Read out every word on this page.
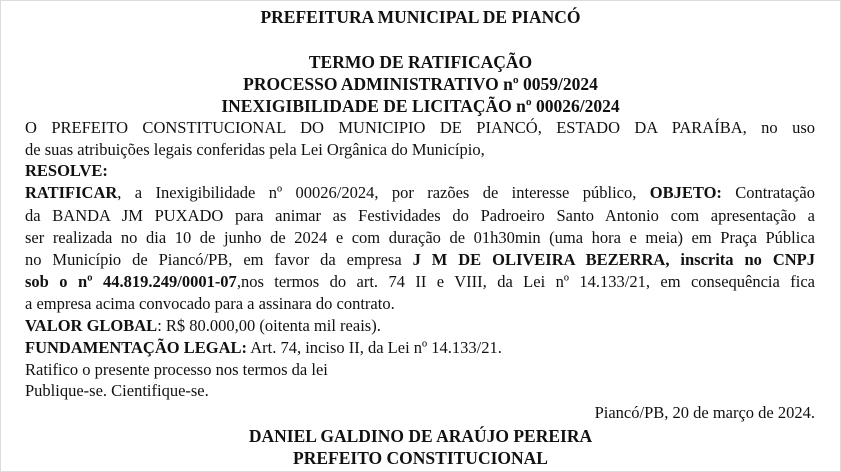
PREFEITURA MUNICIPAL DE PIANCÓ
TERMO DE RATIFICAÇÃO
PROCESSO ADMINISTRATIVO nº 0059/2024
INEXIGIBILIDADE DE LICITAÇÃO nº 00026/2024
O PREFEITO CONSTITUCIONAL DO MUNICIPIO DE PIANCÓ, ESTADO DA PARAÍBA, no uso
de suas atribuições legais conferidas pela Lei Orgânica do Município,
RESOLVE:
RATIFICAR, a Inexigibilidade nº 00026/2024, por razões de interesse público, OBJETO: Contratação
da BANDA JM PUXADO para animar as Festividades do Padroeiro Santo Antonio com apresentação a
ser realizada no dia 10 de junho de 2024 e com duração de 01h30min (uma hora e meia) em Praça Pública
no Município de Piancó/PB, em favor da empresa J M DE OLIVEIRA BEZERRA, inscrita no CNPJ
sob o nº 44.819.249/0001-07,nos termos do art. 74 II e VIII, da Lei nº 14.133/21, em consequência fica
a empresa acima convocado para a assinara do contrato.
VALOR GLOBAL: R$ 80.000,00 (oitenta mil reais).
FUNDAMENTAÇÃO LEGAL: Art. 74, inciso II, da Lei nº 14.133/21.
Ratifico o presente processo nos termos da lei
Publique-se. Cientifique-se.
Piancó/PB, 20 de março de 2024.
DANIEL GALDINO DE ARAÚJO PEREIRA
PREFEITO CONSTITUCIONAL
